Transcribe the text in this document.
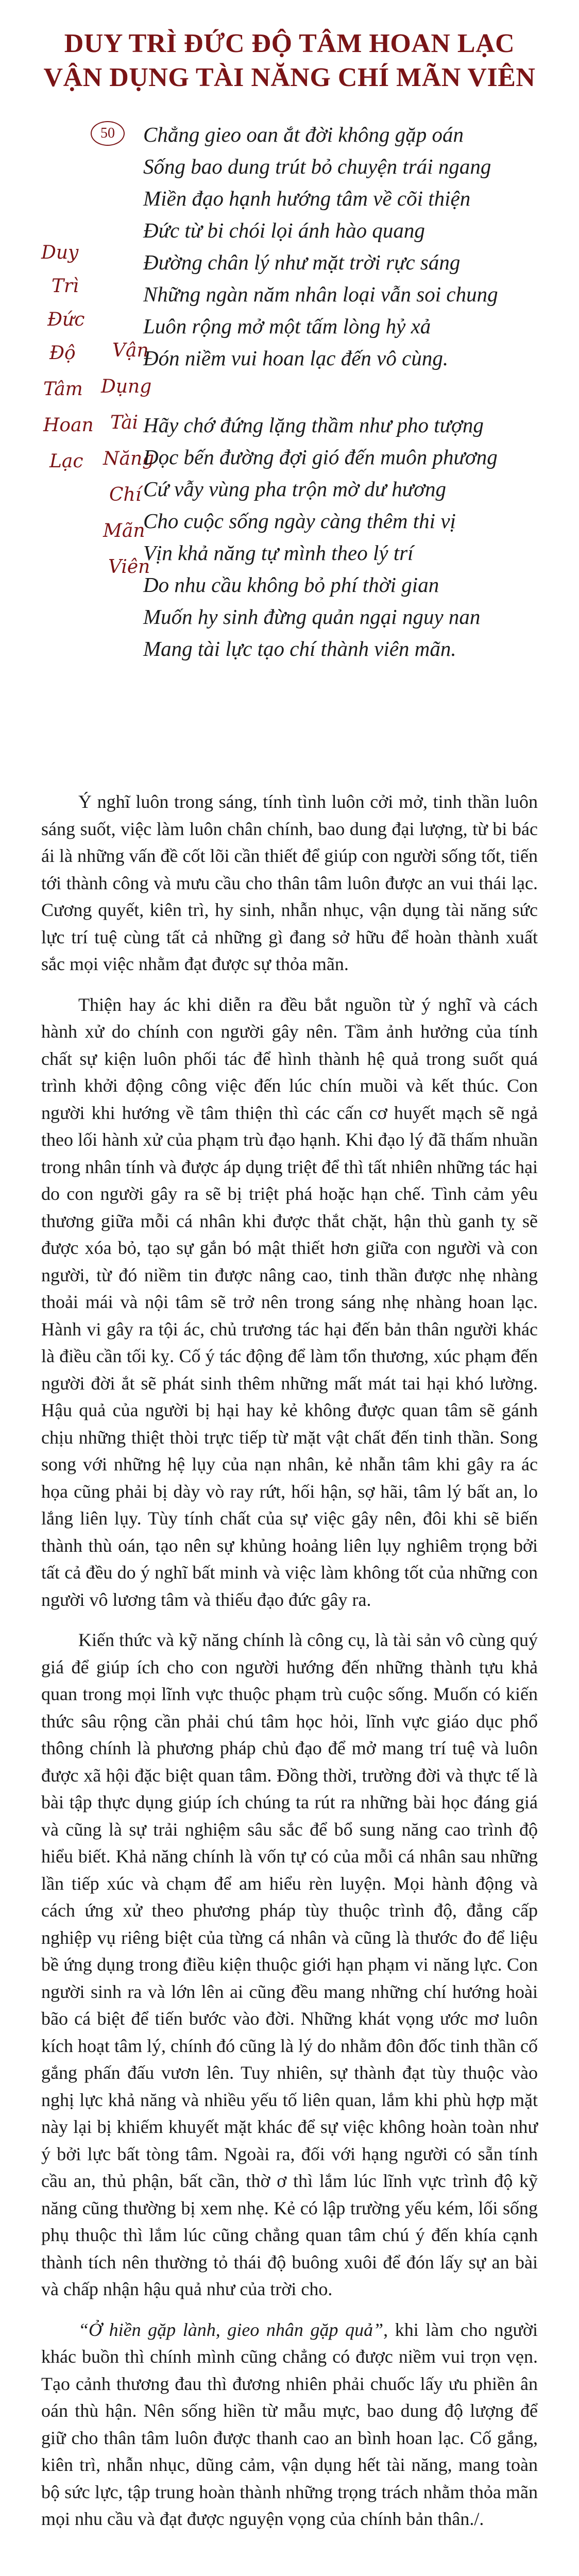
DUY TRÌ ĐỨC ĐỘ TÂM HOAN LẠC
VẬN DỤNG TÀI NĂNG CHÍ MÃN VIÊN
50
Duy
Trì
Đức
Độ
Tâm
Hoan
Lạc
Vận
Dụng
Tài
Năng
Chí
Mãn
Viên
Chẳng gieo oan ắt đời không gặp oán
Sống bao dung trút bỏ chuyện trái ngang
Miền đạo hạnh hướng tâm về cõi thiện
Đức từ bi chói lọi ánh hào quang
Đường chân lý như mặt trời rực sáng
Những ngàn năm nhân loại vẫn soi chung
Luôn rộng mở một tấm lòng hỷ xả
Đón niềm vui hoan lạc đến vô cùng.
Hãy chớ đứng lặng thầm như pho tượng
Dọc bến đường đợi gió đến muôn phương
Cứ vẫy vùng pha trộn mờ dư hương
Cho cuộc sống ngày càng thêm thi vị
Vịn khả năng tự mình theo lý trí
Do nhu cầu không bỏ phí thời gian
Muốn hy sinh đừng quản ngại nguy nan
Mang tài lực tạo chí thành viên mãn.

Ý nghĩ luôn trong sáng, tính tình luôn cởi mở, tinh thần luôn sáng suốt, việc làm luôn chân chính, bao dung đại lượng, từ bi bác ái là những vấn đề cốt lõi cần thiết để giúp con người sống tốt, tiến tới thành công và mưu cầu cho thân tâm luôn được an vui thái lạc. Cương quyết, kiên trì, hy sinh, nhẫn nhục, vận dụng tài năng sức lực trí tuệ cùng tất cả những gì đang sở hữu để hoàn thành xuất sắc mọi việc nhằm đạt được sự thỏa mãn.

Thiện hay ác khi diễn ra đều bắt nguồn từ ý nghĩ và cách hành xử do chính con người gây nên. Tầm ảnh hưởng của tính chất sự kiện luôn phối tác để hình thành hệ quả trong suốt quá trình khởi động công việc đến lúc chín muồi và kết thúc. Con người khi hướng về tâm thiện thì các cấn cơ huyết mạch sẽ ngả theo lối hành xử của phạm trù đạo hạnh. Khi đạo lý đã thấm nhuần trong nhân tính và được áp dụng triệt để thì tất nhiên những tác hại do con người gây ra sẽ bị triệt phá hoặc hạn chế. Tình cảm yêu thương giữa mỗi cá nhân khi được thắt chặt, hận thù ganh tỵ sẽ được xóa bỏ, tạo sự gắn bó mật thiết hơn giữa con người và con người, từ đó niềm tin được nâng cao, tinh thần được nhẹ nhàng thoải mái và nội tâm sẽ trở nên trong sáng nhẹ nhàng hoan lạc. Hành vi gây ra tội ác, chủ trương tác hại đến bản thân người khác là điều cần tối kỵ. Cố ý tác động để làm tổn thương, xúc phạm đến người đời ắt sẽ phát sinh thêm những mất mát tai hại khó lường. Hậu quả của người bị hại hay kẻ không được quan tâm sẽ gánh chịu những thiệt thòi trực tiếp từ mặt vật chất đến tinh thần. Song song với những hệ lụy của nạn nhân, kẻ nhẫn tâm khi gây ra ác họa cũng phải bị dày vò ray rứt, hối hận, sợ hãi, tâm lý bất an, lo lắng liên lụy. Tùy tính chất của sự việc gây nên, đôi khi sẽ biến thành thù oán, tạo nên sự khủng hoảng liên lụy nghiêm trọng bởi tất cả đều do ý nghĩ bất minh và việc làm không tốt của những con người vô lương tâm và thiếu đạo đức gây ra.

Kiến thức và kỹ năng chính là công cụ, là tài sản vô cùng quý giá để giúp ích cho con người hướng đến những thành tựu khả quan trong mọi lĩnh vực thuộc phạm trù cuộc sống. Muốn có kiến thức sâu rộng cần phải chú tâm học hỏi, lĩnh vực giáo dục phổ thông chính là phương pháp chủ đạo để mở mang trí tuệ và luôn được xã hội đặc biệt quan tâm. Đồng thời, trường đời và thực tế là bài tập thực dụng giúp ích chúng ta rút ra những bài học đáng giá và cũng là sự trải nghiệm sâu sắc để bổ sung năng cao trình độ hiểu biết. Khả năng chính là vốn tự có của mỗi cá nhân sau những lần tiếp xúc và chạm để am hiểu rèn luyện. Mọi hành động và cách ứng xử theo phương pháp tùy thuộc trình độ, đẳng cấp nghiệp vụ riêng biệt của từng cá nhân và cũng là thước đo để liệu bề ứng dụng trong điều kiện thuộc giới hạn phạm vi năng lực. Con người sinh ra và lớn lên ai cũng đều mang những chí hướng hoài bão cá biệt để tiến bước vào đời. Những khát vọng ước mơ luôn kích hoạt tâm lý, chính đó cũng là lý do nhằm đôn đốc tinh thần cố gắng phấn đấu vươn lên. Tuy nhiên, sự thành đạt tùy thuộc vào nghị lực khả năng và nhiều yếu tố liên quan, lắm khi phù hợp mặt này lại bị khiếm khuyết mặt khác để sự việc không hoàn toàn như ý bởi lực bất tòng tâm. Ngoài ra, đối với hạng người có sẵn tính cầu an, thủ phận, bất cần, thờ ơ thì lắm lúc lĩnh vực trình độ kỹ năng cũng thường bị xem nhẹ. Kẻ có lập trường yếu kém, lối sống phụ thuộc thì lắm lúc cũng chẳng quan tâm chú ý đến khía cạnh thành tích nên thường tỏ thái độ buông xuôi để đón lấy sự an bài và chấp nhận hậu quả như của trời cho.

“Ở hiền gặp lành, gieo nhân gặp quả”, khi làm cho người khác buồn thì chính mình cũng chẳng có được niềm vui trọn vẹn. Tạo cảnh thương đau thì đương nhiên phải chuốc lấy ưu phiền ân oán thù hận. Nên sống hiền từ mẫu mực, bao dung độ lượng để giữ cho thân tâm luôn được thanh cao an bình hoan lạc. Cố gắng, kiên trì, nhẫn nhục, dũng cảm, vận dụng hết tài năng, mang toàn bộ sức lực, tập trung hoàn thành những trọng trách nhằm thỏa mãn mọi nhu cầu và đạt được nguyện vọng của chính bản thân./.
